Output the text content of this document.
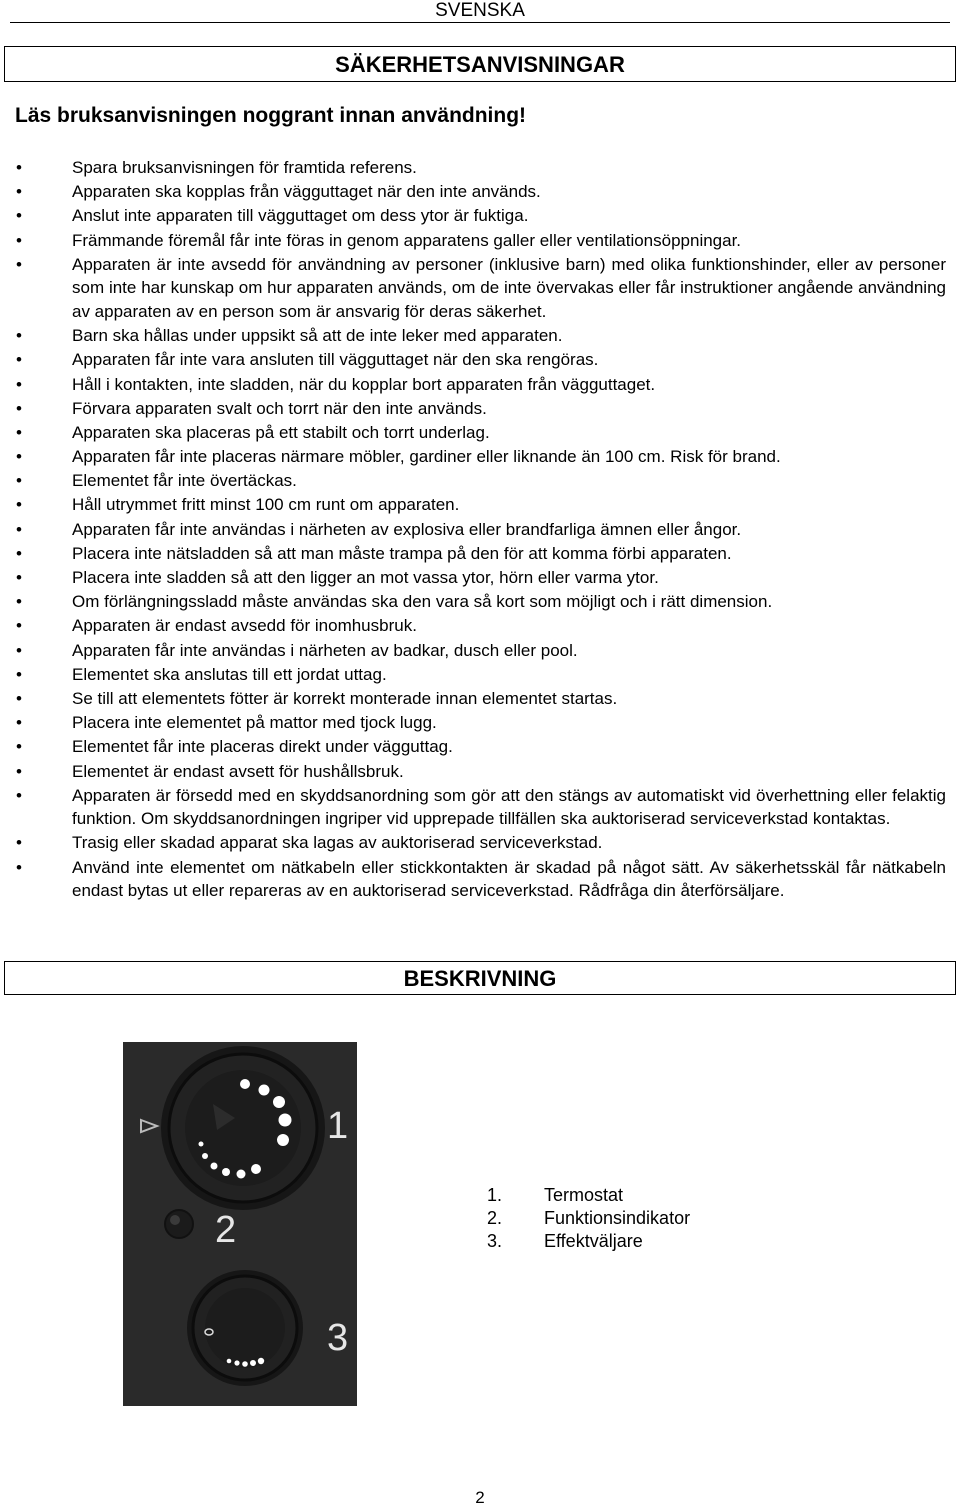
SVENSKA
SÄKERHETSANVISNINGAR
Läs bruksanvisningen noggrant innan användning!
• Spara bruksanvisningen för framtida referens.
• Apparaten ska kopplas från vägguttaget när den inte används.
• Anslut inte apparaten till vägguttaget om dess ytor är fuktiga.
• Främmande föremål får inte föras in genom apparatens galler eller ventilationsöppningar.
• Apparaten är inte avsedd för användning av personer (inklusive barn) med olika funktionshinder, eller av personer som inte har kunskap om hur apparaten används, om de inte övervakas eller får instruktioner angående användning av apparaten av en person som är ansvarig för deras säkerhet.
• Barn ska hållas under uppsikt så att de inte leker med apparaten.
• Apparaten får inte vara ansluten till vägguttaget när den ska rengöras.
• Håll i kontakten, inte sladden, när du kopplar bort apparaten från vägguttaget.
• Förvara apparaten svalt och torrt när den inte används.
• Apparaten ska placeras på ett stabilt och torrt underlag.
• Apparaten får inte placeras närmare möbler, gardiner eller liknande än 100 cm. Risk för brand.
• Elementet får inte övertäckas.
• Håll utrymmet fritt minst 100 cm runt om apparaten.
• Apparaten får inte användas i närheten av explosiva eller brandfarliga ämnen eller ångor.
• Placera inte nätsladden så att man måste trampa på den för att komma förbi apparaten.
• Placera inte sladden så att den ligger an mot vassa ytor, hörn eller varma ytor.
• Om förlängningssladd måste användas ska den vara så kort som möjligt och i rätt dimension.
• Apparaten är endast avsedd för inomhusbruk.
• Apparaten får inte användas i närheten av badkar, dusch eller pool.
• Elementet ska anslutas till ett jordat uttag.
• Se till att elementets fötter är korrekt monterade innan elementet startas.
• Placera inte elementet på mattor med tjock lugg.
• Elementet får inte placeras direkt under vägguttag.
• Elementet är endast avsett för hushållsbruk.
• Apparaten är försedd med en skyddsanordning som gör att den stängs av automatiskt vid överhettning eller felaktig funktion. Om skyddsanordningen ingriper vid upprepade tillfällen ska auktoriserad serviceverkstad kontaktas.
• Trasig eller skadad apparat ska lagas av auktoriserad serviceverkstad.
• Använd inte elementet om nätkabeln eller stickkontakten är skadad på något sätt. Av säkerhetsskäl får nätkabeln endast bytas ut eller repareras av en auktoriserad serviceverkstad. Rådfråga din återförsäljare.
BESKRIVNING
1
2
3
1.	Termostat
2.	Funktionsindikator
3.	Effektväljare
2
